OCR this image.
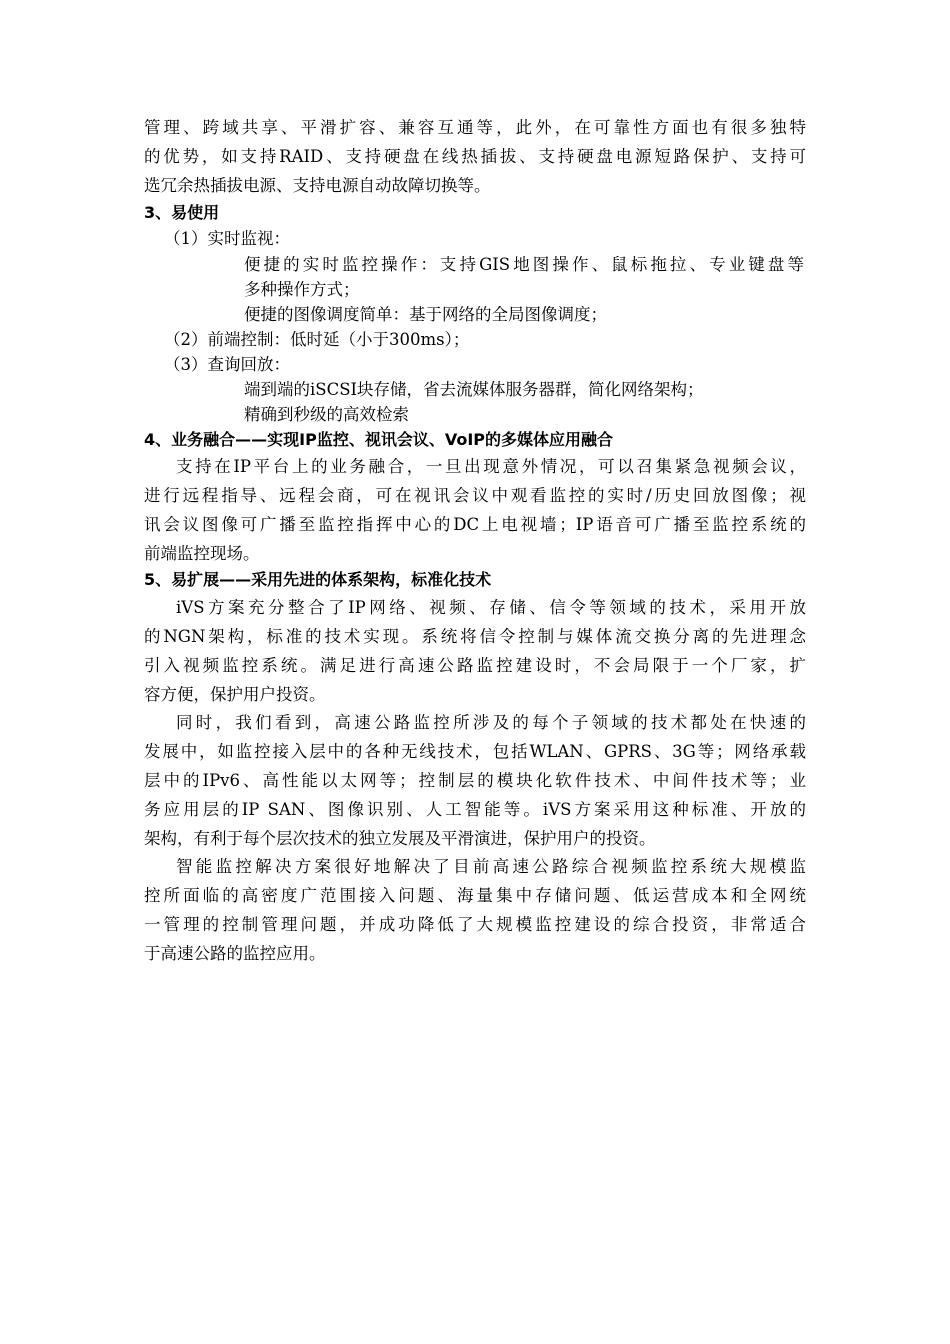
管理、跨域共享、平滑扩容、兼容互通等，此外，在可靠性方面也有很多独特
的优势，如支持RAID、支持硬盘在线热插拔、支持硬盘电源短路保护、支持可
选冗余热插拔电源、支持电源自动故障切换等。
3、易使用
（1）实时监视：
便捷的实时监控操作：支持GIS地图操作、鼠标拖拉、专业键盘等
多种操作方式；
便捷的图像调度简单：基于网络的全局图像调度；
（2）前端控制：低时延（小于300ms）；
（3）查询回放：
端到端的iSCSI块存储，省去流媒体服务器群，简化网络架构；
精确到秒级的高效检索
4、业务融合——实现IP监控、视讯会议、VoIP的多媒体应用融合
支持在IP平台上的业务融合，一旦出现意外情况，可以召集紧急视频会议，
进行远程指导、远程会商，可在视讯会议中观看监控的实时/历史回放图像；视
讯会议图像可广播至监控指挥中心的DC上电视墙；IP语音可广播至监控系统的
前端监控现场。
5、易扩展——采用先进的体系架构，标准化技术
iVS方案充分整合了IP网络、视频、存储、信令等领域的技术，采用开放
的NGN架构，标准的技术实现。系统将信令控制与媒体流交换分离的先进理念
引入视频监控系统。满足进行高速公路监控建设时，不会局限于一个厂家，扩
容方便，保护用户投资。
同时，我们看到，高速公路监控所涉及的每个子领域的技术都处在快速的
发展中，如监控接入层中的各种无线技术，包括WLAN、GPRS、3G等；网络承载
层中的IPv6、高性能以太网等；控制层的模块化软件技术、中间件技术等；业
务应用层的IP SAN、图像识别、人工智能等。iVS方案采用这种标准、开放的
架构，有利于每个层次技术的独立发展及平滑演进，保护用户的投资。
智能监控解决方案很好地解决了目前高速公路综合视频监控系统大规模监
控所面临的高密度广范围接入问题、海量集中存储问题、低运营成本和全网统
一管理的控制管理问题，并成功降低了大规模监控建设的综合投资，非常适合
于高速公路的监控应用。
